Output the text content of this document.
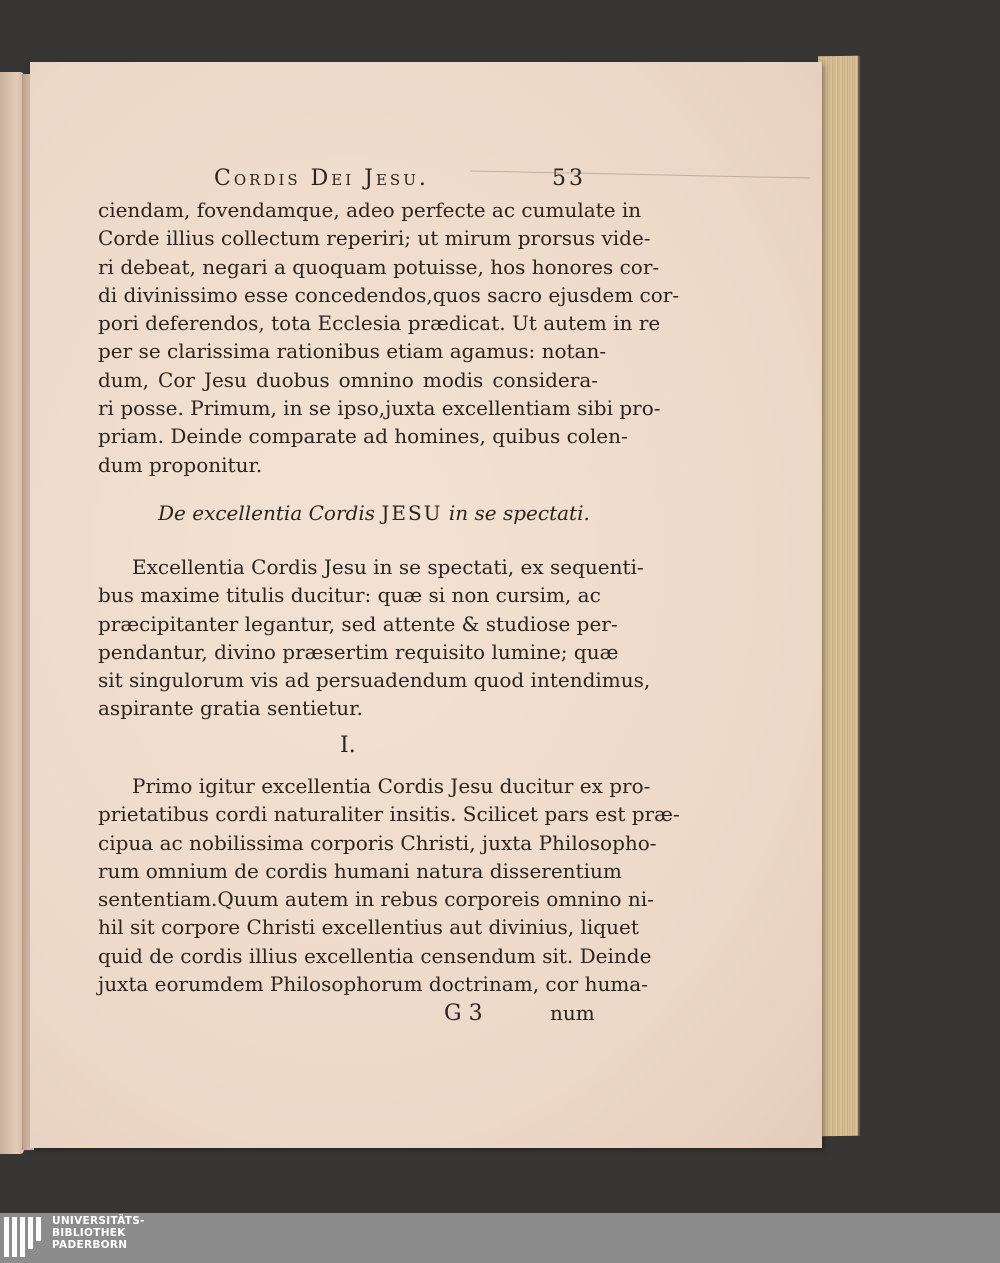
Cordis Dei Jesu.	53
ciendam, fovendamque, adeo perfecte ac cumulate in
Corde illius collectum reperiri; ut mirum prorsus vide-
ri debeat, negari a quoquam potuisse, hos honores cor-
di divinissimo esse concedendos,quos sacro ejusdem cor-
pori deferendos, tota Ecclesia prædicat. Ut autem in re
per se clarissima rationibus etiam agamus: notan-
dum, Cor Jesu duobus omnino modis considera-
ri posse. Primum, in se ipso,juxta excellentiam sibi pro-
priam. Deinde comparate ad homines, quibus colen-
dum proponitur.
De excellentia Cordis JESU in se spectati.
Excellentia Cordis Jesu in se spectati, ex sequenti-
bus maxime titulis ducitur: quæ si non cursim, ac
præcipitanter legantur, sed attente & studiose per-
pendantur, divino præsertim requisito lumine; quæ
sit singulorum vis ad persuadendum quod intendimus,
aspirante gratia sentietur.
I.
Primo igitur excellentia Cordis Jesu ducitur ex pro-
prietatibus cordi naturaliter insitis. Scilicet pars est præ-
cipua ac nobilissima corporis Christi, juxta Philosopho-
rum omnium de cordis humani natura disserentium
sententiam.Quum autem in rebus corporeis omnino ni-
hil sit corpore Christi excellentius aut divinius, liquet
quid de cordis illius excellentia censendum sit. Deinde
juxta eorumdem Philosophorum doctrinam, cor huma-
G 3	num
UNIVERSITÄTS-
BIBLIOTHEK
PADERBORN
